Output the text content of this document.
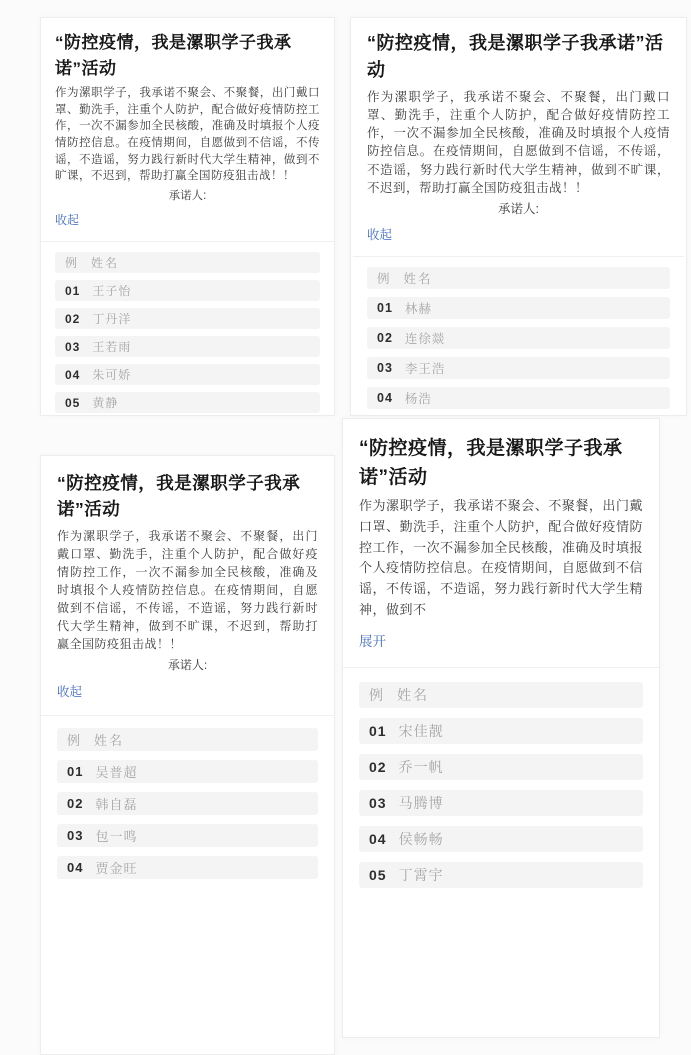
“防控疫情，我是漯职学子我承诺”活动
作为漯职学子，我承诺不聚会、不聚餐，出门戴口罩、勤洗手，注重个人防护，配合做好疫情防控工作，一次不漏参加全民核酸，准确及时填报个人疫情防控信息。在疫情期间，自愿做到不信谣，不传谣，不造谣，努力践行新时代大学生精神，做到不旷课，不迟到，帮助打赢全国防疫狙击战！！
承诺人:
收起
例 姓名
01 王子怡
02 丁丹洋
03 王若雨
04 朱可娇
05 黄静
“防控疫情，我是漯职学子我承诺”活动
作为漯职学子，我承诺不聚会、不聚餐，出门戴口罩、勤洗手，注重个人防护，配合做好疫情防控工作，一次不漏参加全民核酸，准确及时填报个人疫情防控信息。在疫情期间，自愿做到不信谣，不传谣，不造谣，努力践行新时代大学生精神，做到不旷课，不迟到，帮助打赢全国防疫狙击战！！
承诺人:
收起
例 姓名
01 林赫
02 连徐燚
03 李王浩
04 杨浩
“防控疫情，我是漯职学子我承诺”活动
作为漯职学子，我承诺不聚会、不聚餐，出门戴口罩、勤洗手，注重个人防护，配合做好疫情防控工作，一次不漏参加全民核酸，准确及时填报个人疫情防控信息。在疫情期间，自愿做到不信谣，不传谣，不造谣，努力践行新时代大学生精神，做到不旷课，不迟到，帮助打赢全国防疫狙击战！！
承诺人:
收起
例 姓名
01 吴普超
02 韩自磊
03 包一鸣
04 贾金旺
“防控疫情，我是漯职学子我承诺”活动
作为漯职学子，我承诺不聚会、不聚餐，出门戴口罩、勤洗手，注重个人防护，配合做好疫情防控工作，一次不漏参加全民核酸，准确及时填报个人疫情防控信息。在疫情期间，自愿做到不信谣，不传谣，不造谣，努力践行新时代大学生精神，做到不
展开
例 姓名
01 宋佳靓
02 乔一帆
03 马腾博
04 侯畅畅
05 丁霄宇
